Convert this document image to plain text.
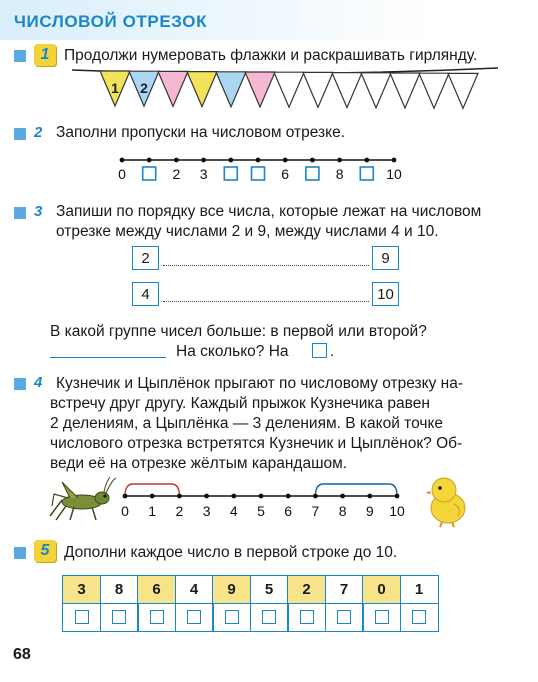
ЧИСЛОВОЙ ОТРЕЗОК
1 Продолжи нумеровать флажки и раскрашивать гирлянду.
1 2
2 Заполни пропуски на числовом отрезке.
0	2 3	6	8	10
3 Запиши по порядку все числа, которые лежат на числовом
отрезке между числами 2 и 9, между числами 4 и 10.
2	9
4	10
В какой группе чисел больше: в первой или второй?
На сколько? На	.
4 Кузнечик и Цыплёнок прыгают по числовому отрезку на-
встречу друг другу. Каждый прыжок Кузнечика равен
2 делениям, а Цыплёнка — 3 делениям. В какой точке
числового отрезка встретятся Кузнечик и Цыплёнок? Об-
веди её на отрезке жёлтым карандашом.
0 1 2 3 4 5 6 7 8 9 10
5 Дополни каждое число в первой строке до 10.
3	8	6	4	9	5	2	7	0	1
68
